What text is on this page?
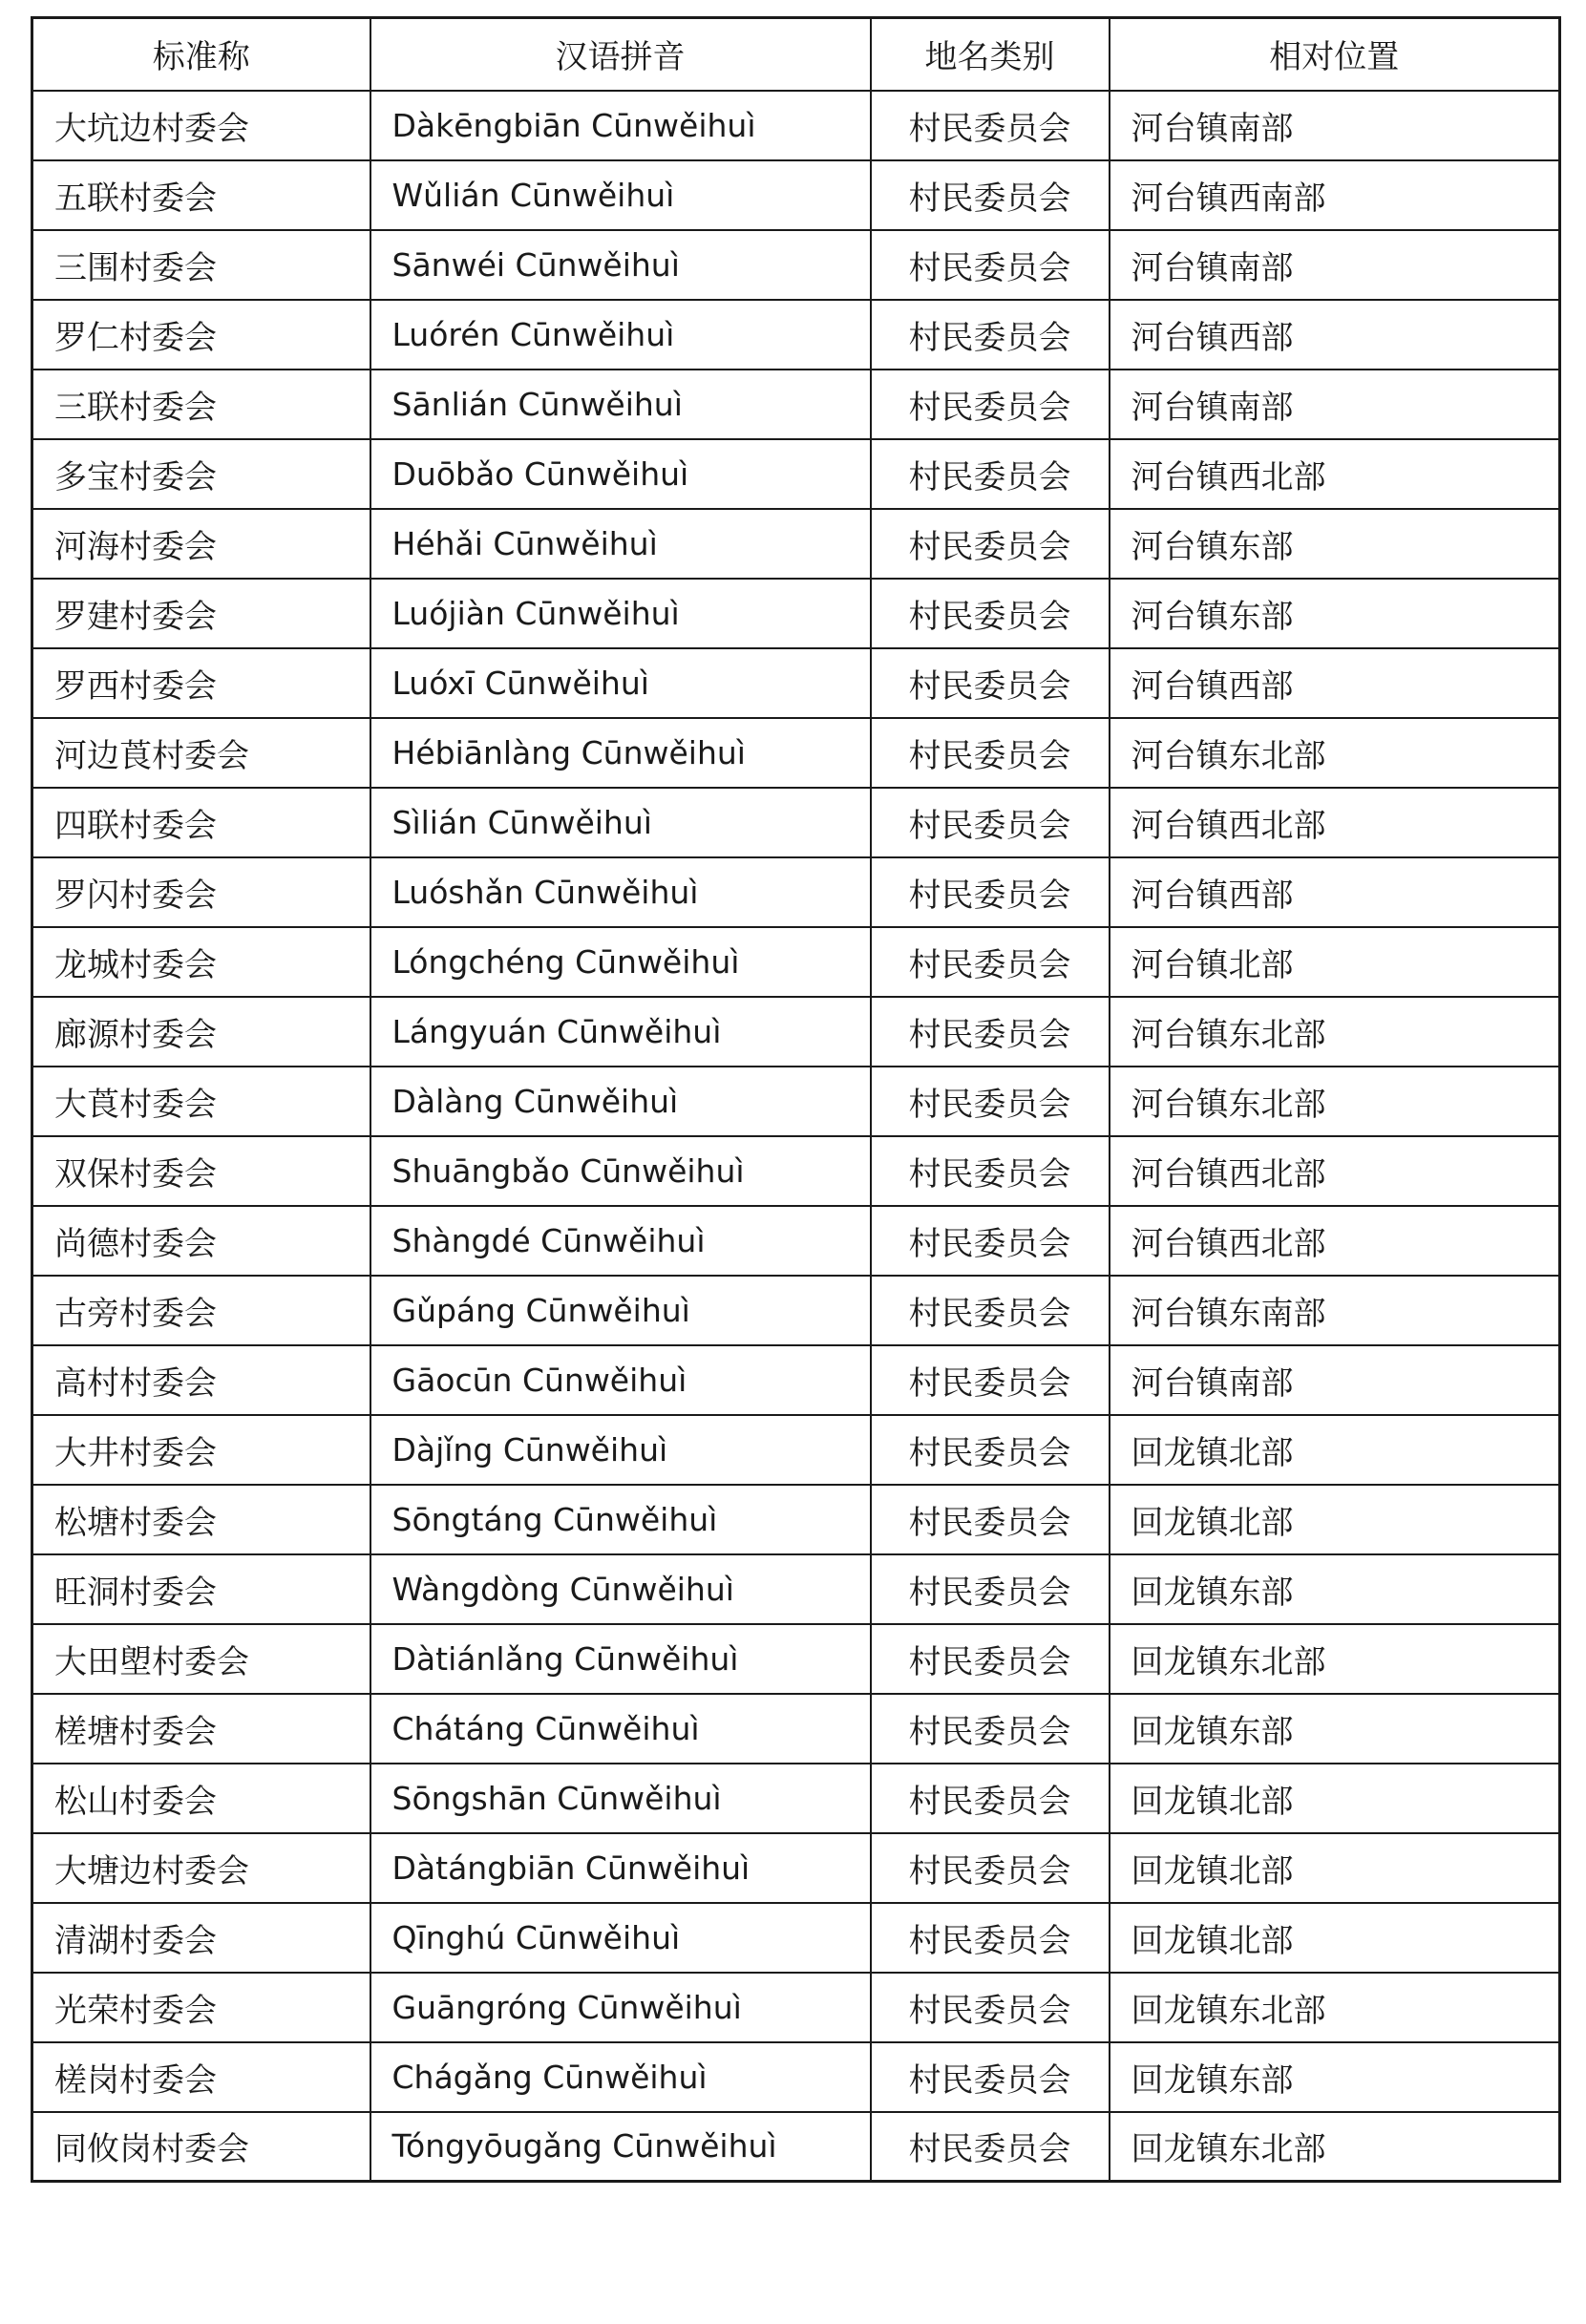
标准称	汉语拼音	地名类别	相对位置
大坑边村委会	Dàkēngbiān Cūnwěihuì	村民委员会	河台镇南部
五联村委会	Wǔlián Cūnwěihuì	村民委员会	河台镇西南部
三围村委会	Sānwéi Cūnwěihuì	村民委员会	河台镇南部
罗仁村委会	Luórén Cūnwěihuì	村民委员会	河台镇西部
三联村委会	Sānlián Cūnwěihuì	村民委员会	河台镇南部
多宝村委会	Duōbǎo Cūnwěihuì	村民委员会	河台镇西北部
河海村委会	Héhǎi Cūnwěihuì	村民委员会	河台镇东部
罗建村委会	Luójiàn Cūnwěihuì	村民委员会	河台镇东部
罗西村委会	Luóxī Cūnwěihuì	村民委员会	河台镇西部
河边莨村委会	Hébiānlàng Cūnwěihuì	村民委员会	河台镇东北部
四联村委会	Sìlián Cūnwěihuì	村民委员会	河台镇西北部
罗闪村委会	Luóshǎn Cūnwěihuì	村民委员会	河台镇西部
龙城村委会	Lóngchéng Cūnwěihuì	村民委员会	河台镇北部
廊源村委会	Lángyuán Cūnwěihuì	村民委员会	河台镇东北部
大莨村委会	Dàlàng Cūnwěihuì	村民委员会	河台镇东北部
双保村委会	Shuāngbǎo Cūnwěihuì	村民委员会	河台镇西北部
尚德村委会	Shàngdé Cūnwěihuì	村民委员会	河台镇西北部
古旁村委会	Gǔpáng Cūnwěihuì	村民委员会	河台镇东南部
高村村委会	Gāocūn Cūnwěihuì	村民委员会	河台镇南部
大井村委会	Dàjǐng Cūnwěihuì	村民委员会	回龙镇北部
松塘村委会	Sōngtáng Cūnwěihuì	村民委员会	回龙镇北部
旺洞村委会	Wàngdòng Cūnwěihuì	村民委员会	回龙镇东部
大田塱村委会	Dàtiánlǎng Cūnwěihuì	村民委员会	回龙镇东北部
槎塘村委会	Chátáng Cūnwěihuì	村民委员会	回龙镇东部
松山村委会	Sōngshān Cūnwěihuì	村民委员会	回龙镇北部
大塘边村委会	Dàtángbiān Cūnwěihuì	村民委员会	回龙镇北部
清湖村委会	Qīnghú Cūnwěihuì	村民委员会	回龙镇北部
光荣村委会	Guāngróng Cūnwěihuì	村民委员会	回龙镇东北部
槎岗村委会	Chágǎng Cūnwěihuì	村民委员会	回龙镇东部
同攸岗村委会	Tóngyōugǎng Cūnwěihuì	村民委员会	回龙镇东北部
